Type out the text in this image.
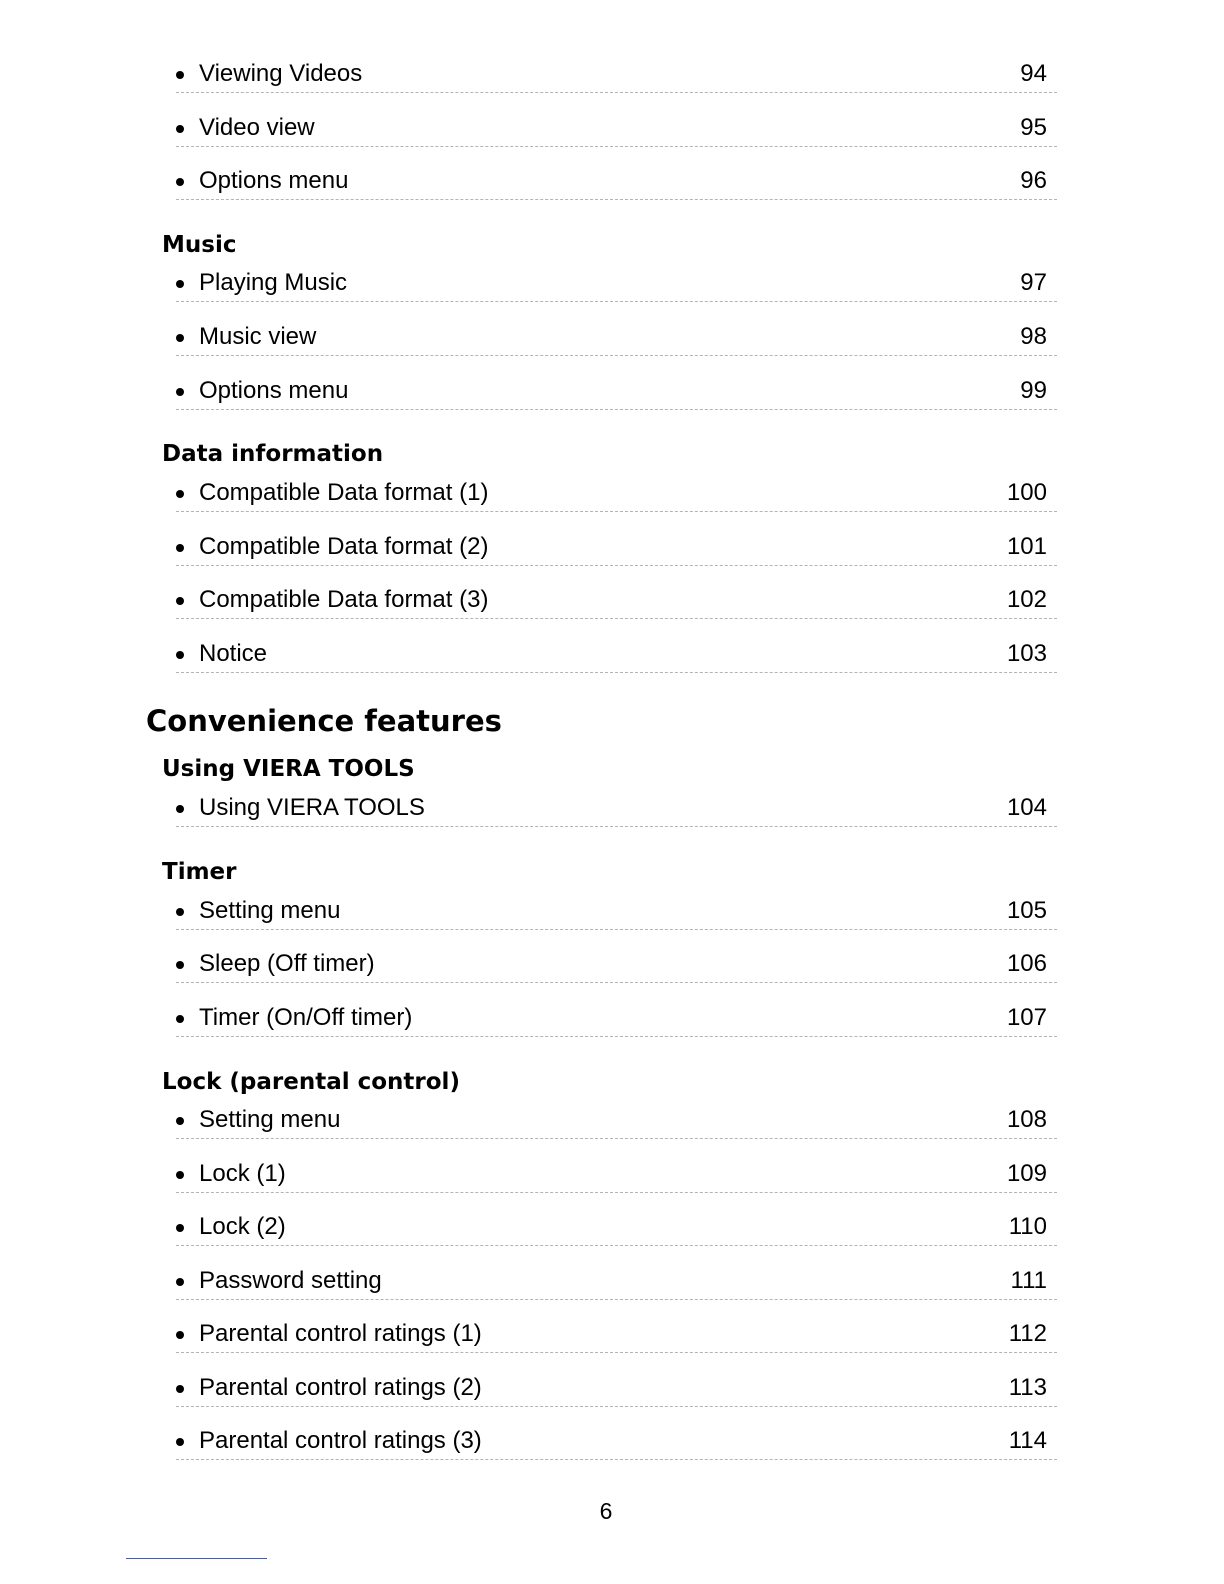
Viewing Videos	94
Video view	95
Options menu	96
Music
Playing Music	97
Music view	98
Options menu	99
Data information
Compatible Data format (1)	100
Compatible Data format (2)	101
Compatible Data format (3)	102
Notice	103
Convenience features
Using VIERA TOOLS
Using VIERA TOOLS	104
Timer
Setting menu	105
Sleep (Off timer)	106
Timer (On/Off timer)	107
Lock (parental control)
Setting menu	108
Lock (1)	109
Lock (2)	110
Password setting	111
Parental control ratings (1)	112
Parental control ratings (2)	113
Parental control ratings (3)	114
6
